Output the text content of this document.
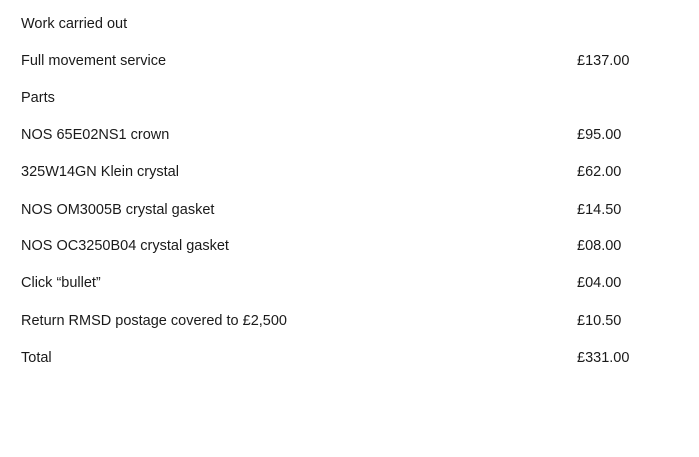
Work carried out
Full movement service	£137.00
Parts
NOS 65E02NS1 crown	£95.00
325W14GN Klein crystal	£62.00
NOS OM3005B crystal gasket	£14.50
NOS OC3250B04 crystal gasket	£08.00
Click “bullet”	£04.00
Return RMSD postage covered to £2,500	£10.50
Total	£331.00
